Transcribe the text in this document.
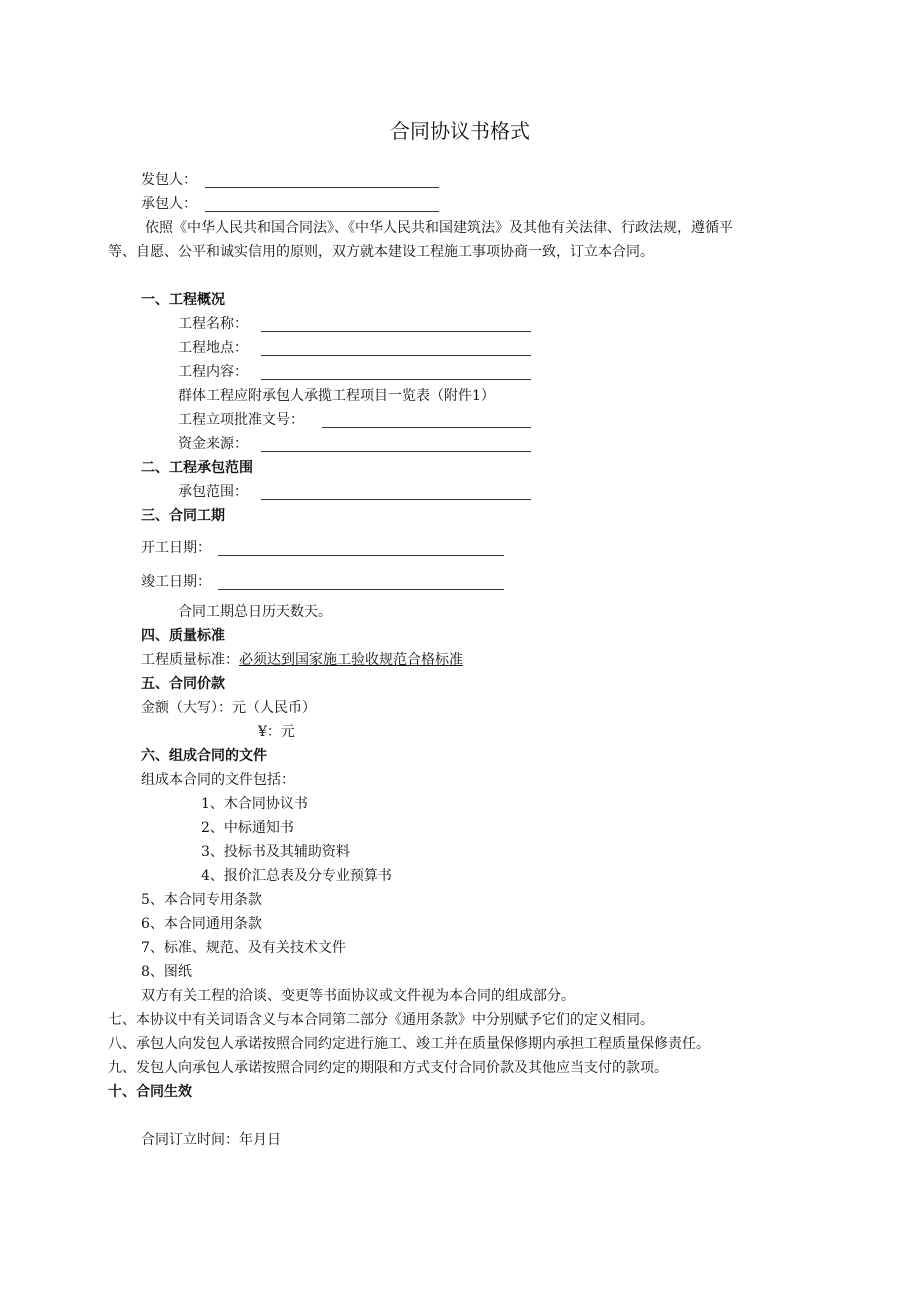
合同协议书格式
发包人：
承包人：
依照《中华人民共和国合同法》、《中华人民共和国建筑法》及其他有关法律、行政法规，遵循平
等、自愿、公平和诚实信用的原则，双方就本建设工程施工事项协商一致，订立本合同。
一、工程概况
工程名称：
工程地点：
工程内容：
群体工程应附承包人承揽工程项目一览表（附件1）
工程立项批准文号：
资金来源：
二、工程承包范围
承包范围：
三、合同工期
开工日期：
竣工日期：
合同工期总日历天数天。
四、质量标准
工程质量标准：必须达到国家施工验收规范合格标准
五、合同价款
金额（大写）：元（人民币）
¥：元
六、组成合同的文件
组成本合同的文件包括：
1、木合同协议书
2、中标通知书
3、投标书及其辅助资料
4、报价汇总表及分专业预算书
5、本合同专用条款
6、本合同通用条款
7、标准、规范、及有关技术文件
8、图纸
双方有关工程的洽谈、变更等书面协议或文件视为本合同的组成部分。
七、本协议中有关词语含义与本合同第二部分《通用条款》中分别赋予它们的定义相同。
八、承包人向发包人承诺按照合同约定进行施工、竣工并在质量保修期内承担工程质量保修责任。
九、发包人向承包人承诺按照合同约定的期限和方式支付合同价款及其他应当支付的款项。
十、合同生效
合同订立时间：年月日
